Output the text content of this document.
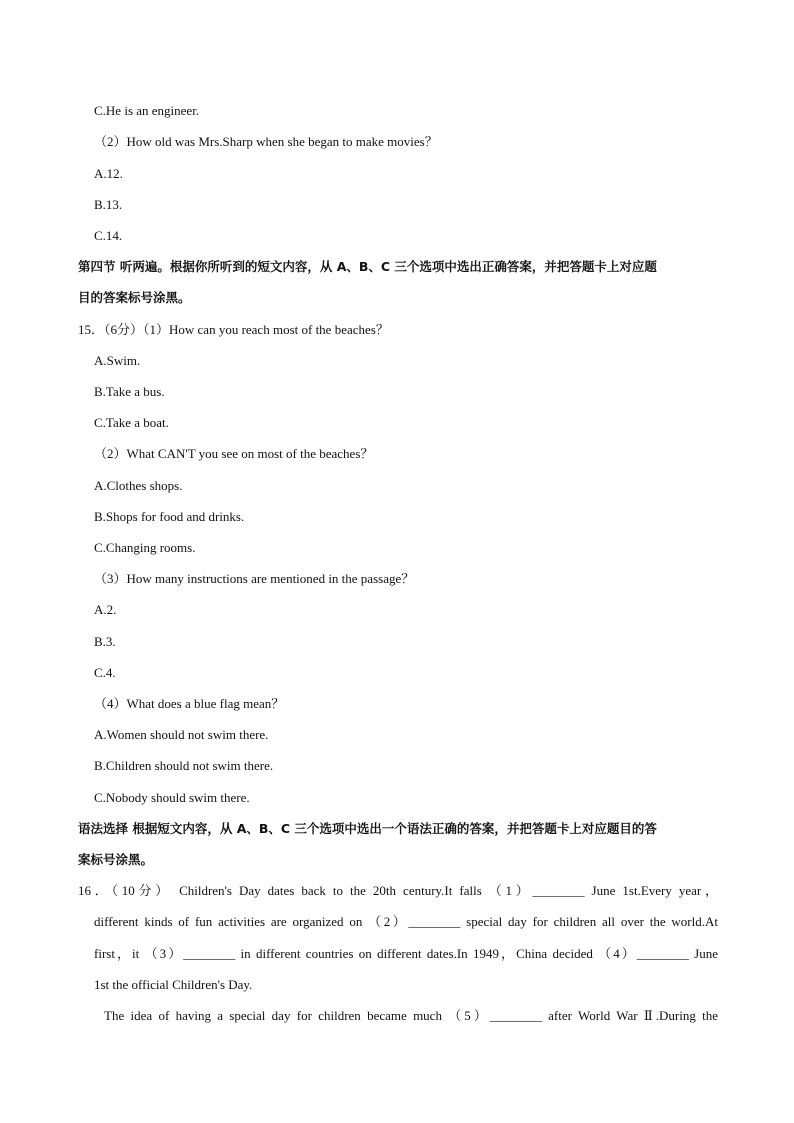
C.He is an engineer.
（2）How old was Mrs.Sharp when she began to make movies？
A.12.
B.13.
C.14.
第四节 听两遍。根据你所听到的短文内容，从 A、B、C 三个选项中选出正确答案，并把答题卡上对应题
目的答案标号涂黑。
15．（6分）（1）How can you reach most of the beaches？
A.Swim.
B.Take a bus.
C.Take a boat.
（2）What CAN'T you see on most of the beaches？
A.Clothes shops.
B.Shops for food and drinks.
C.Changing rooms.
（3）How many instructions are mentioned in the passage？
A.2.
B.3.
C.4.
（4）What does a blue flag mean？
A.Women should not swim there.
B.Children should not swim there.
C.Nobody should swim there.
语法选择 根据短文内容，从 A、B、C 三个选项中选出一个语法正确的答案，并把答题卡上对应题目的答
案标号涂黑。
16．（10分） Children's Day dates back to the 20th century.It falls （1）________ June 1st.Every year，
different kinds of fun activities are organized on （2）________ special day for children all over the world.At
first，it （3）________ in different countries on different dates.In 1949，China decided （4）________ June
1st the official Children's Day.
The idea of having a special day for children became much （5）________ after World War Ⅱ.During the
